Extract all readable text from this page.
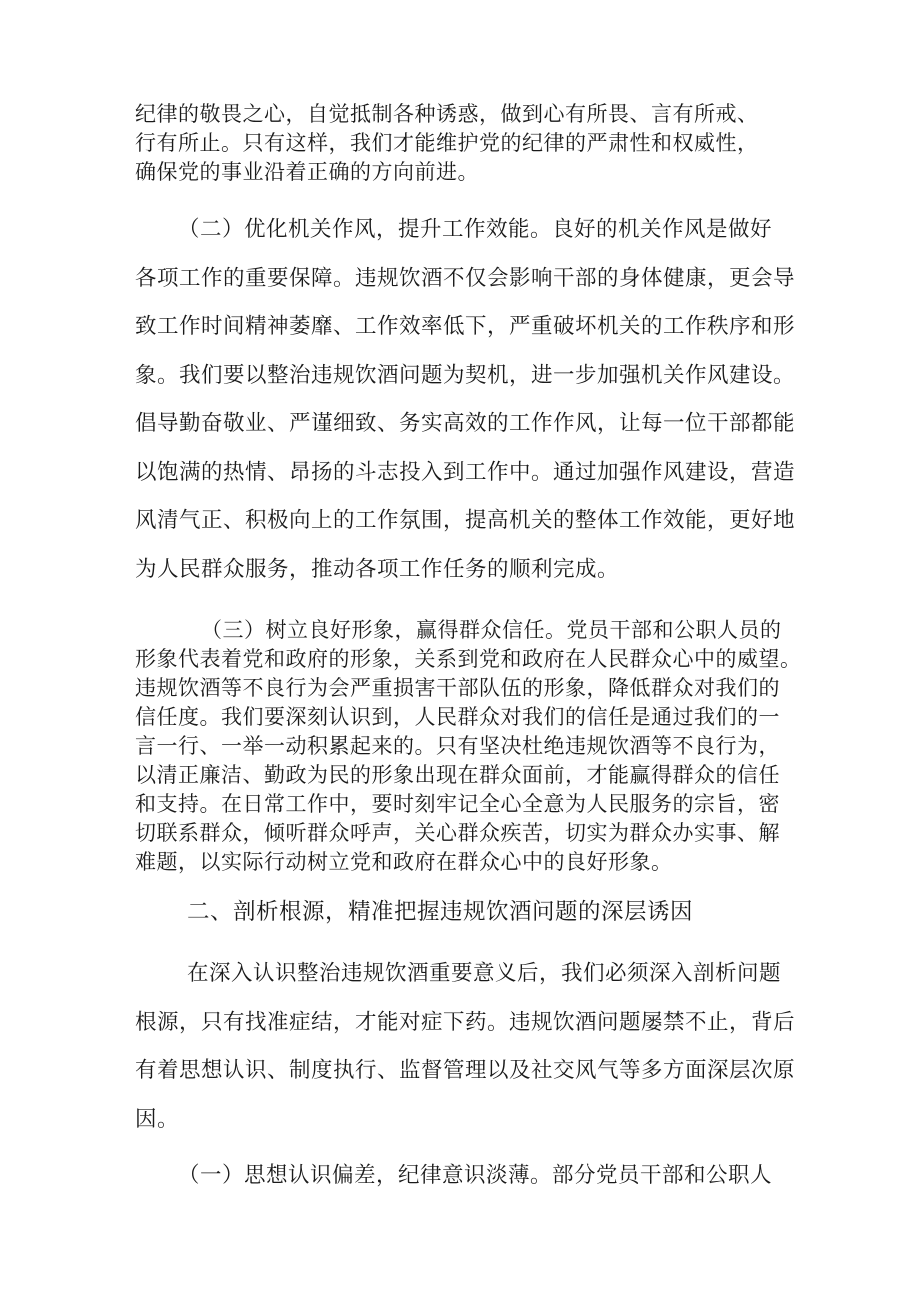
纪律的敬畏之心，自觉抵制各种诱惑，做到心有所畏、言有所戒、
行有所止。只有这样，我们才能维护党的纪律的严肃性和权威性，
确保党的事业沿着正确的方向前进。

（二）优化机关作风，提升工作效能。良好的机关作风是做好
各项工作的重要保障。违规饮酒不仅会影响干部的身体健康，更会导
致工作时间精神萎靡、工作效率低下，严重破坏机关的工作秩序和形
象。我们要以整治违规饮酒问题为契机，进一步加强机关作风建设。
倡导勤奋敬业、严谨细致、务实高效的工作作风，让每一位干部都能
以饱满的热情、昂扬的斗志投入到工作中。通过加强作风建设，营造
风清气正、积极向上的工作氛围，提高机关的整体工作效能，更好地
为人民群众服务，推动各项工作任务的顺利完成。

（三）树立良好形象，赢得群众信任。党员干部和公职人员的
形象代表着党和政府的形象，关系到党和政府在人民群众心中的威望。
违规饮酒等不良行为会严重损害干部队伍的形象，降低群众对我们的
信任度。我们要深刻认识到，人民群众对我们的信任是通过我们的一
言一行、一举一动积累起来的。只有坚决杜绝违规饮酒等不良行为，
以清正廉洁、勤政为民的形象出现在群众面前，才能赢得群众的信任
和支持。在日常工作中，要时刻牢记全心全意为人民服务的宗旨，密
切联系群众，倾听群众呼声，关心群众疾苦，切实为群众办实事、解
难题，以实际行动树立党和政府在群众心中的良好形象。

二、剖析根源，精准把握违规饮酒问题的深层诱因

在深入认识整治违规饮酒重要意义后，我们必须深入剖析问题
根源，只有找准症结，才能对症下药。违规饮酒问题屡禁不止，背后
有着思想认识、制度执行、监督管理以及社交风气等多方面深层次原
因。

（一）思想认识偏差，纪律意识淡薄。部分党员干部和公职人
